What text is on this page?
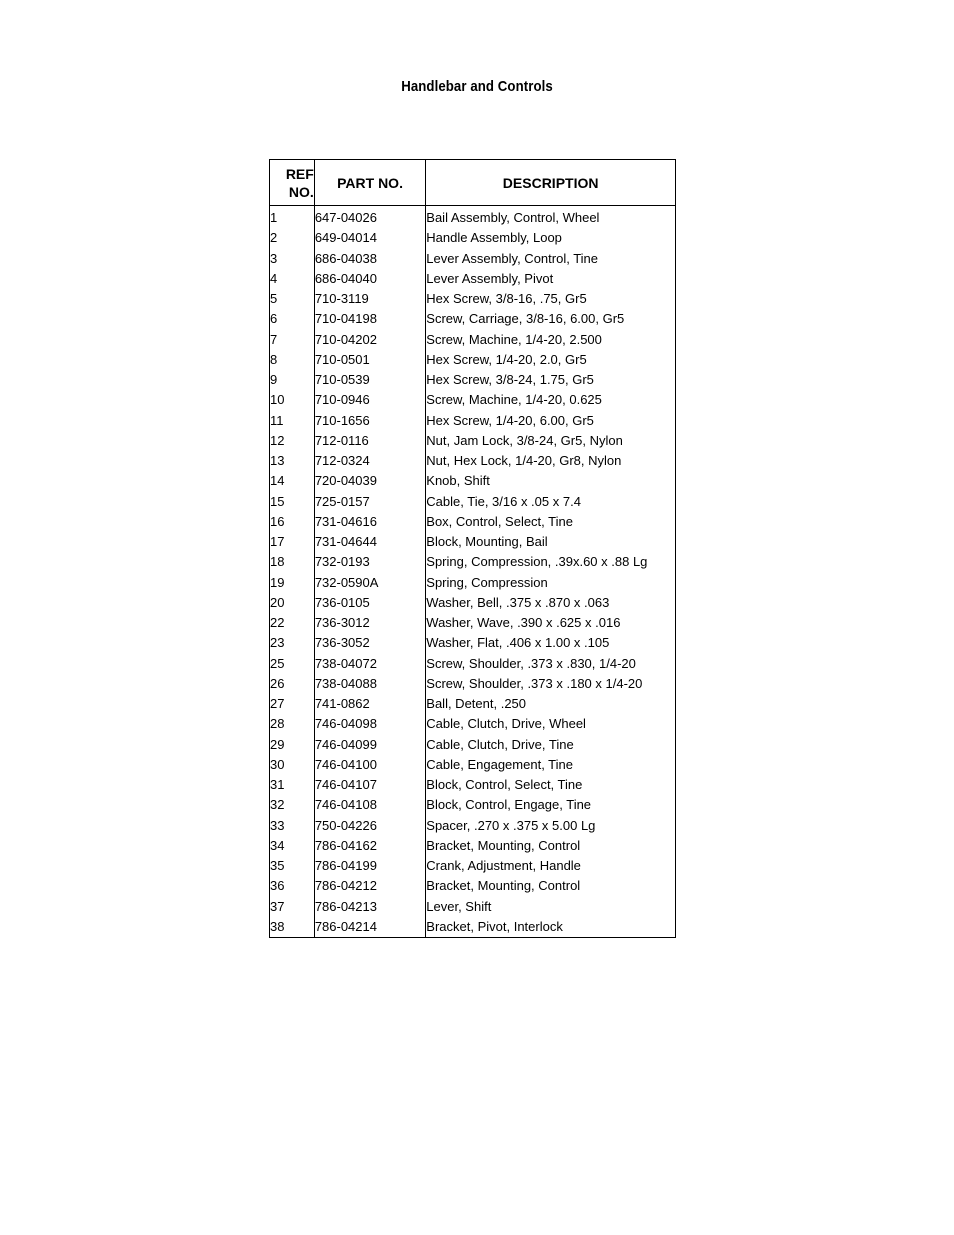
Handlebar and Controls
REF
NO.	PART NO.	DESCRIPTION
1	647-04026	Bail Assembly, Control, Wheel
2	649-04014	Handle Assembly, Loop
3	686-04038	Lever Assembly, Control, Tine
4	686-04040	Lever Assembly, Pivot
5	710-3119	Hex Screw, 3/8-16, .75, Gr5
6	710-04198	Screw, Carriage, 3/8-16, 6.00, Gr5
7	710-04202	Screw, Machine, 1/4-20, 2.500
8	710-0501	Hex Screw, 1/4-20, 2.0, Gr5
9	710-0539	Hex Screw, 3/8-24, 1.75, Gr5
10	710-0946	Screw, Machine, 1/4-20, 0.625
11	710-1656	Hex Screw, 1/4-20, 6.00, Gr5
12	712-0116	Nut, Jam Lock, 3/8-24, Gr5, Nylon
13	712-0324	Nut, Hex Lock, 1/4-20, Gr8, Nylon
14	720-04039	Knob, Shift
15	725-0157	Cable, Tie, 3/16 x .05 x 7.4
16	731-04616	Box, Control, Select, Tine
17	731-04644	Block, Mounting, Bail
18	732-0193	Spring, Compression, .39x.60 x .88 Lg
19	732-0590A	Spring, Compression
20	736-0105	Washer, Bell, .375 x .870 x .063
22	736-3012	Washer, Wave, .390 x .625 x .016
23	736-3052	Washer, Flat, .406 x 1.00 x .105
25	738-04072	Screw, Shoulder, .373 x .830, 1/4-20
26	738-04088	Screw, Shoulder, .373 x .180 x 1/4-20
27	741-0862	Ball, Detent, .250
28	746-04098	Cable, Clutch, Drive, Wheel
29	746-04099	Cable, Clutch, Drive, Tine
30	746-04100	Cable, Engagement, Tine
31	746-04107	Block, Control, Select, Tine
32	746-04108	Block, Control, Engage, Tine
33	750-04226	Spacer, .270 x .375 x 5.00 Lg
34	786-04162	Bracket, Mounting, Control
35	786-04199	Crank, Adjustment, Handle
36	786-04212	Bracket, Mounting, Control
37	786-04213	Lever, Shift
38	786-04214	Bracket, Pivot, Interlock
